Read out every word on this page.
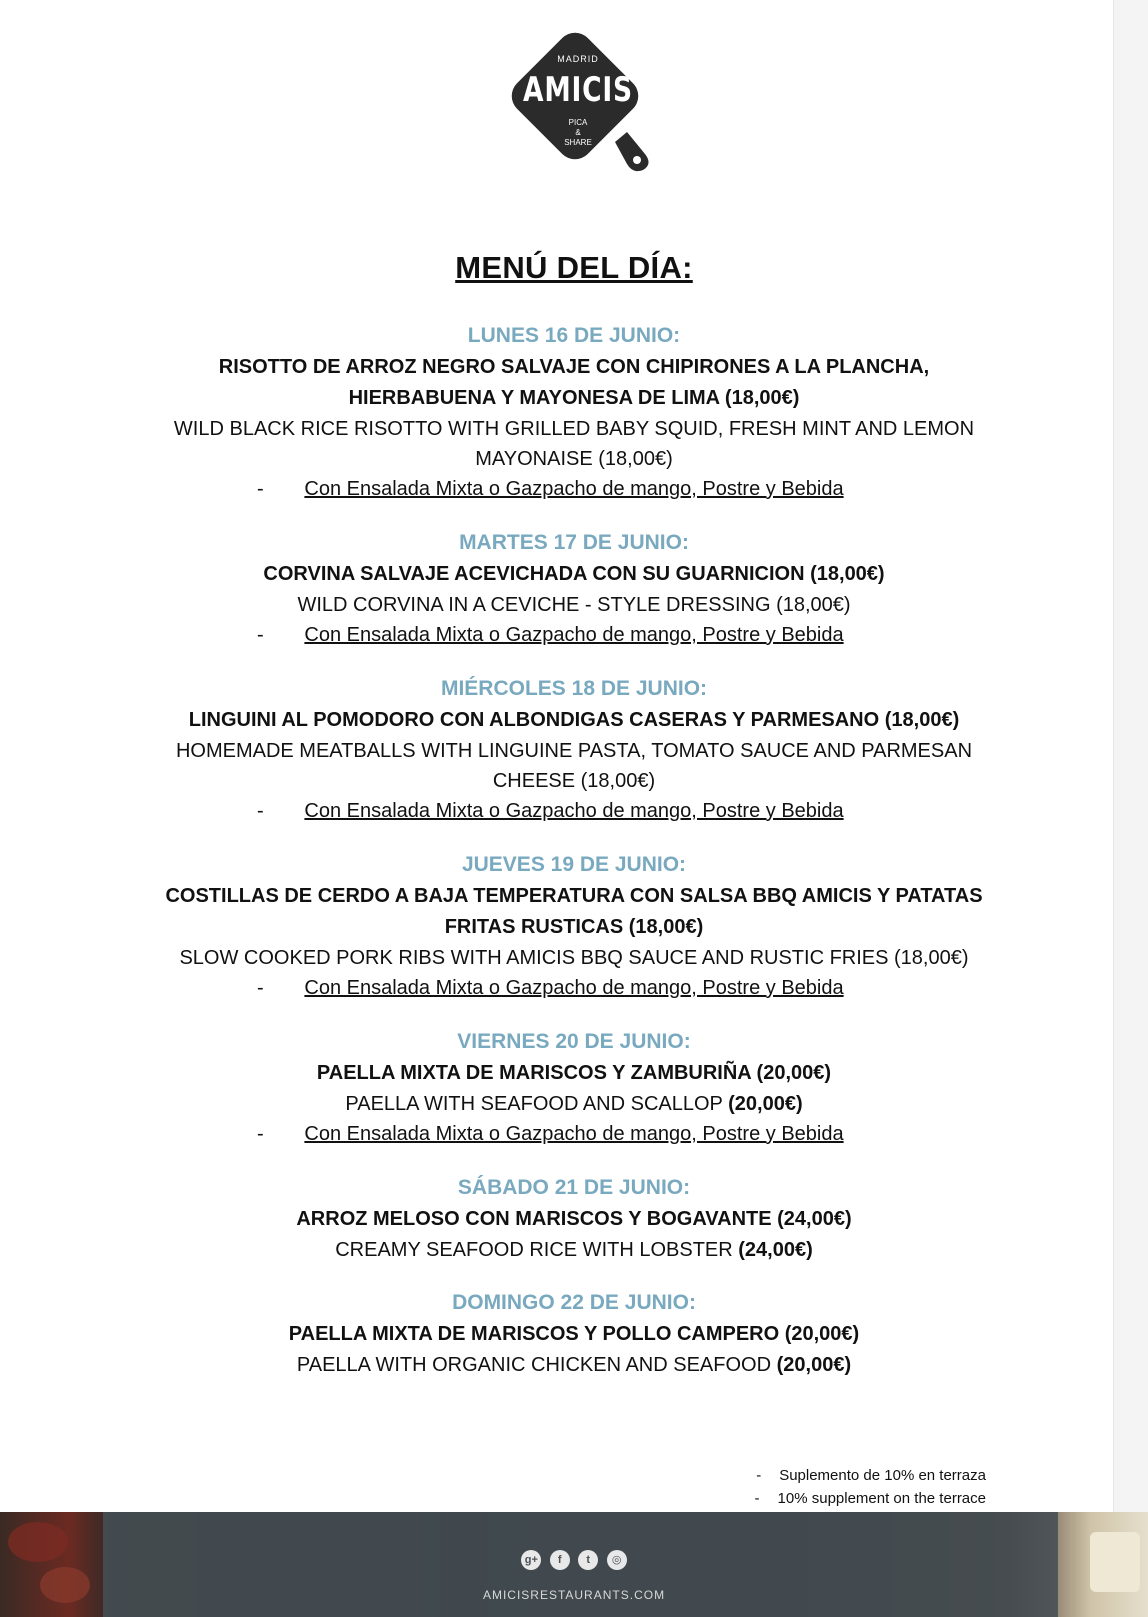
MADRID
AMICIS
PICA
&
SHARE
MENÚ DEL DÍA:
LUNES 16 DE JUNIO:
RISOTTO DE ARROZ NEGRO SALVAJE CON CHIPIRONES A LA PLANCHA, HIERBABUENA Y MAYONESA DE LIMA (18,00€)
WILD BLACK RICE RISOTTO WITH GRILLED BABY SQUID, FRESH MINT AND LEMON MAYONAISE (18,00€)
- Con Ensalada Mixta o Gazpacho de mango, Postre y Bebida
MARTES 17 DE JUNIO:
CORVINA SALVAJE ACEVICHADA CON SU GUARNICION (18,00€)
WILD CORVINA IN A CEVICHE - STYLE DRESSING (18,00€)
- Con Ensalada Mixta o Gazpacho de mango, Postre y Bebida
MIÉRCOLES 18 DE JUNIO:
LINGUINI AL POMODORO CON ALBONDIGAS CASERAS Y PARMESANO (18,00€)
HOMEMADE MEATBALLS WITH LINGUINE PASTA, TOMATO SAUCE AND PARMESAN CHEESE (18,00€)
- Con Ensalada Mixta o Gazpacho de mango, Postre y Bebida
JUEVES 19 DE JUNIO:
COSTILLAS DE CERDO A BAJA TEMPERATURA CON SALSA BBQ AMICIS Y PATATAS FRITAS RUSTICAS (18,00€)
SLOW COOKED PORK RIBS WITH AMICIS BBQ SAUCE AND RUSTIC FRIES (18,00€)
- Con Ensalada Mixta o Gazpacho de mango, Postre y Bebida
VIERNES 20 DE JUNIO:
PAELLA MIXTA DE MARISCOS Y ZAMBURIÑA (20,00€)
PAELLA WITH SEAFOOD AND SCALLOP (20,00€)
- Con Ensalada Mixta o Gazpacho de mango, Postre y Bebida
SÁBADO 21 DE JUNIO:
ARROZ MELOSO CON MARISCOS Y BOGAVANTE (24,00€)
CREAMY SEAFOOD RICE WITH LOBSTER (24,00€)
DOMINGO 22 DE JUNIO:
PAELLA MIXTA DE MARISCOS Y POLLO CAMPERO (20,00€)
PAELLA WITH ORGANIC CHICKEN AND SEAFOOD (20,00€)
- Suplemento de 10% en terraza
- 10% supplement on the terrace
g+ f t ◎
AMICISRESTAURANTS.COM
